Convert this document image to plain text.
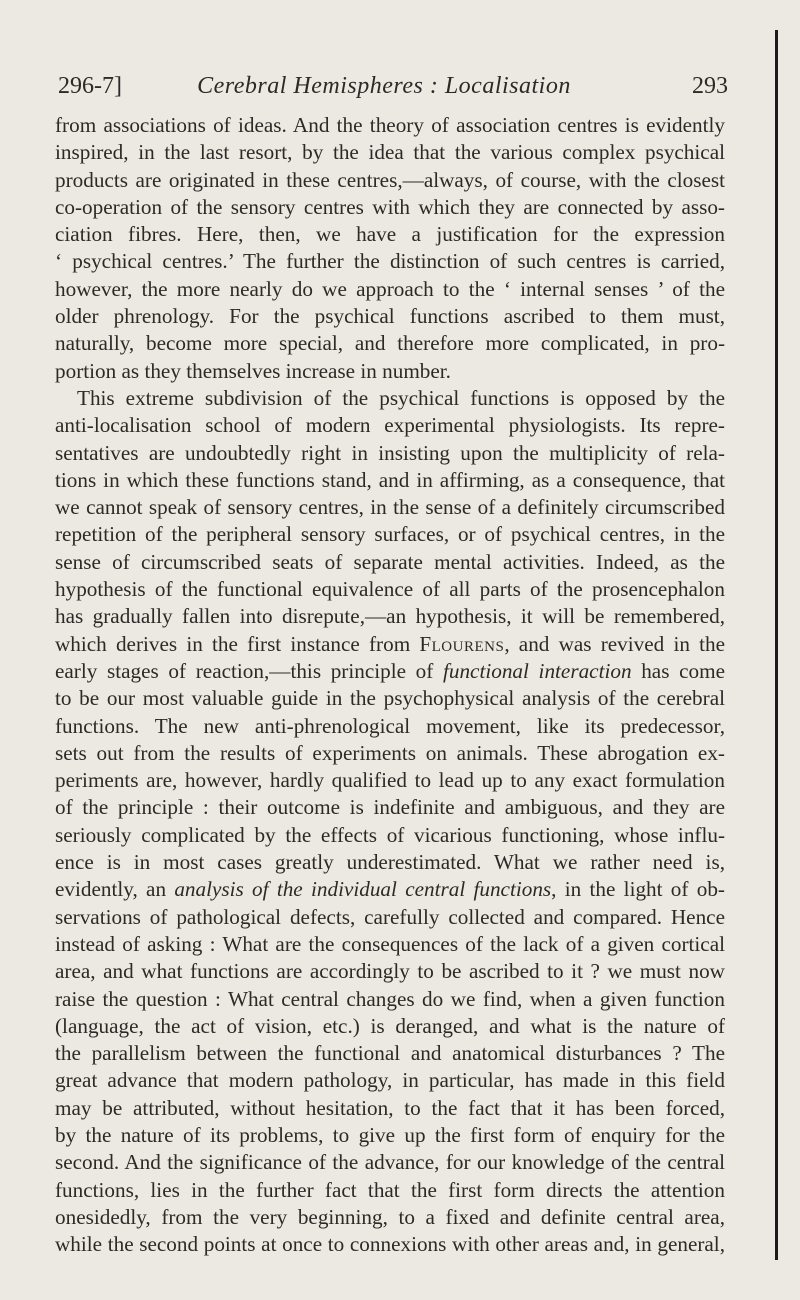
Cerebral Hemispheres : Localisation
296-7]	293
from associations of ideas. And the theory of association centres is evidently
inspired, in the last resort, by the idea that the various complex psychical
products are originated in these centres,—always, of course, with the closest
co-operation of the sensory centres with which they are connected by asso-
ciation fibres. Here, then, we have a justification for the expression
‘ psychical centres.’ The further the distinction of such centres is carried,
however, the more nearly do we approach to the ‘ internal senses ’ of the
older phrenology. For the psychical functions ascribed to them must,
naturally, become more special, and therefore more complicated, in pro-
portion as they themselves increase in number.
This extreme subdivision of the psychical functions is opposed by the
anti-localisation school of modern experimental physiologists. Its repre-
sentatives are undoubtedly right in insisting upon the multiplicity of rela-
tions in which these functions stand, and in affirming, as a consequence, that
we cannot speak of sensory centres, in the sense of a definitely circumscribed
repetition of the peripheral sensory surfaces, or of psychical centres, in the
sense of circumscribed seats of separate mental activities. Indeed, as the
hypothesis of the functional equivalence of all parts of the prosencephalon
has gradually fallen into disrepute,—an hypothesis, it will be remembered,
which derives in the first instance from Flourens, and was revived in the
early stages of reaction,—this principle of functional interaction has come
to be our most valuable guide in the psychophysical analysis of the cerebral
functions. The new anti-phrenological movement, like its predecessor,
sets out from the results of experiments on animals. These abrogation ex-
periments are, however, hardly qualified to lead up to any exact formulation
of the principle : their outcome is indefinite and ambiguous, and they are
seriously complicated by the effects of vicarious functioning, whose influ-
ence is in most cases greatly underestimated. What we rather need is,
evidently, an analysis of the individual central functions, in the light of ob-
servations of pathological defects, carefully collected and compared. Hence
instead of asking : What are the consequences of the lack of a given cortical
area, and what functions are accordingly to be ascribed to it ? we must now
raise the question : What central changes do we find, when a given function
(language, the act of vision, etc.) is deranged, and what is the nature of
the parallelism between the functional and anatomical disturbances ? The
great advance that modern pathology, in particular, has made in this field
may be attributed, without hesitation, to the fact that it has been forced,
by the nature of its problems, to give up the first form of enquiry for the
second. And the significance of the advance, for our knowledge of the central
functions, lies in the further fact that the first form directs the attention
onesidedly, from the very beginning, to a fixed and definite central area,
while the second points at once to connexions with other areas and, in general,
